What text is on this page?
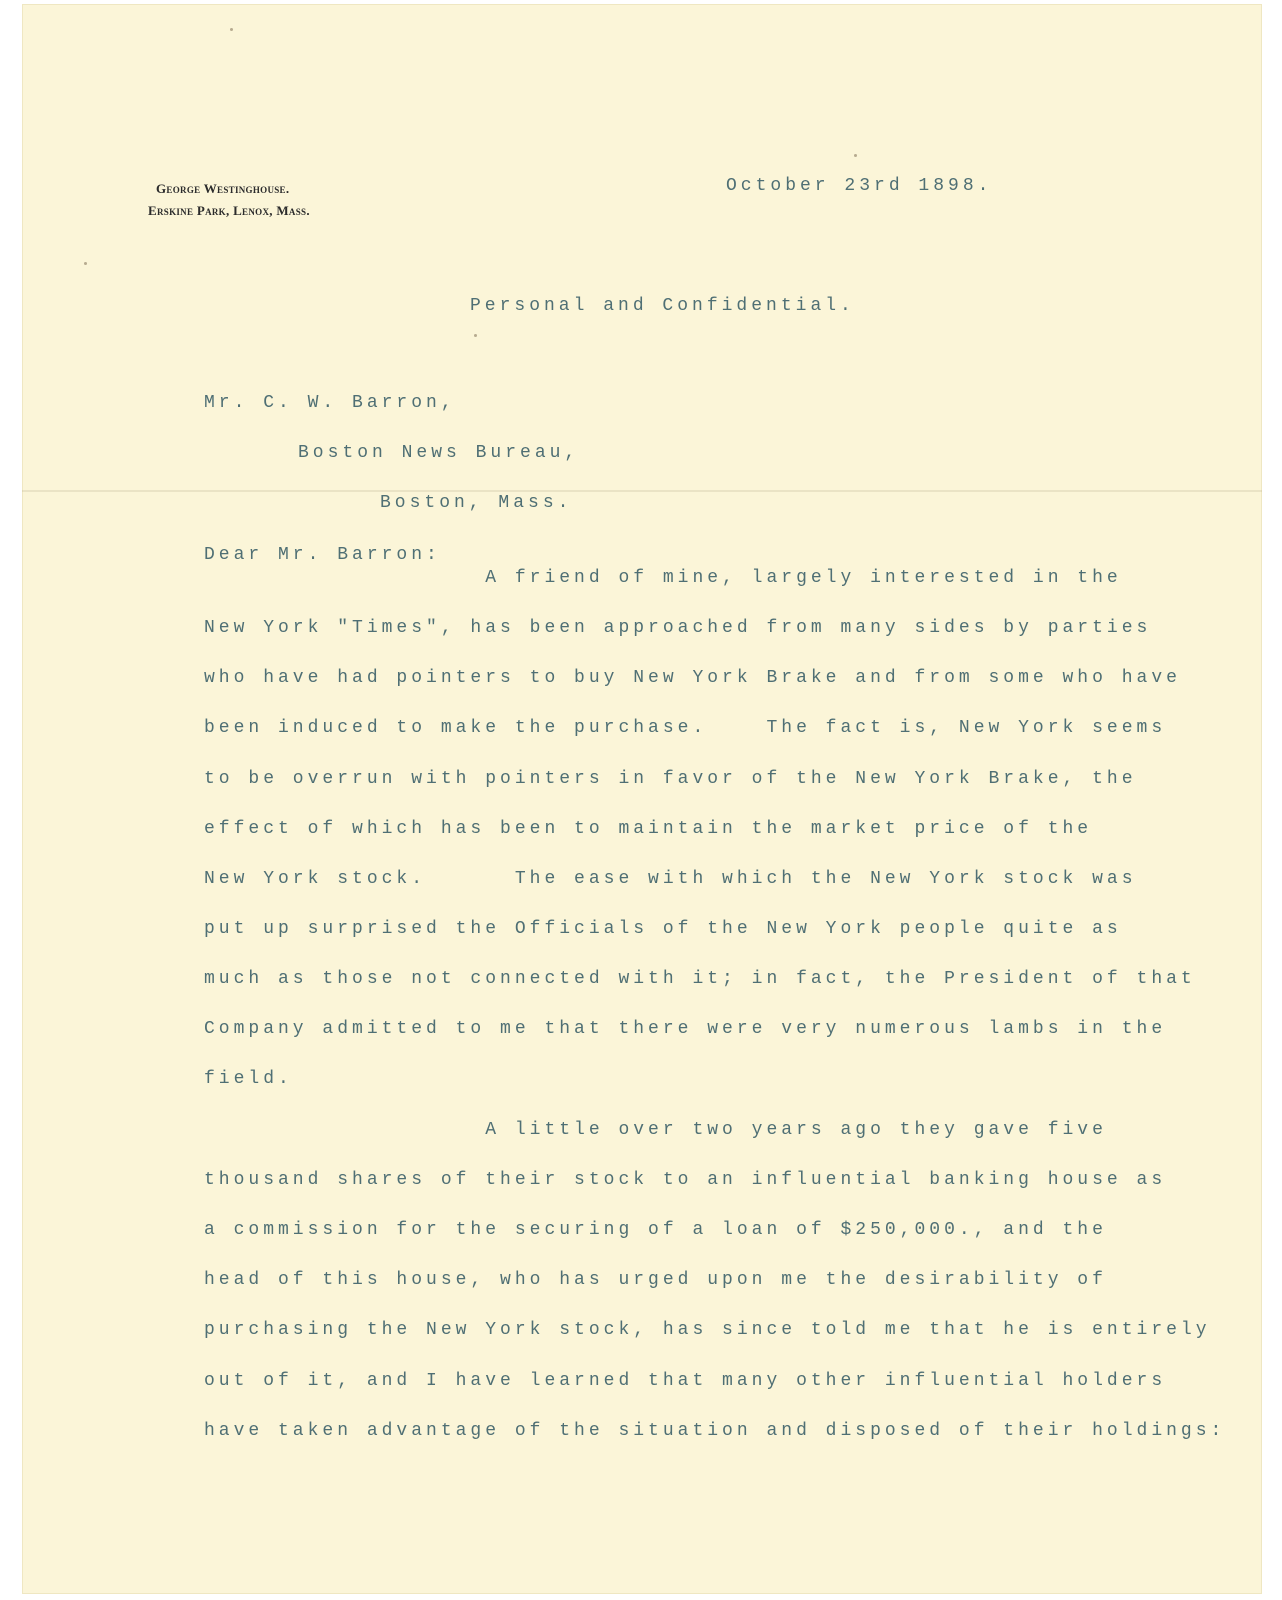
George Westinghouse.
Erskine Park, Lenox, Mass.
October 23rd 1898.
Personal and Confidential.
Mr. C. W. Barron,
Boston News Bureau,
Boston, Mass.
Dear Mr. Barron:
A friend of mine, largely interested in the
New York "Times", has been approached from many sides by parties
who have had pointers to buy New York Brake and from some who have
been induced to make the purchase.    The fact is, New York seems
to be overrun with pointers in favor of the New York Brake, the
effect of which has been to maintain the market price of the
New York stock.      The ease with which the New York stock was
put up surprised the Officials of the New York people quite as
much as those not connected with it; in fact, the President of that
Company admitted to me that there were very numerous lambs in the
field.
A little over two years ago they gave five
thousand shares of their stock to an influential banking house as
a commission for the securing of a loan of $250,000., and the
head of this house, who has urged upon me the desirability of
purchasing the New York stock, has since told me that he is entirely
out of it, and I have learned that many other influential holders
have taken advantage of the situation and disposed of their holdings:
